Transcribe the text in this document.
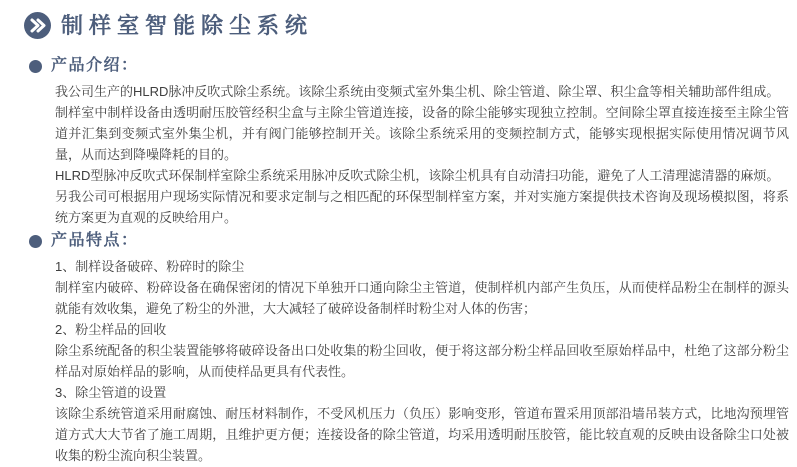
制样室智能除尘系统
产品介绍：

我公司生产的HLRD脉冲反吹式除尘系统。该除尘系统由变频式室外集尘机、除尘管道、除尘罩、积尘盒等相关辅助部件组成。

制样室中制样设备由透明耐压胶管经积尘盒与主除尘管道连接，设备的除尘能够实现独立控制。空间除尘罩直接连接至主除尘管道并汇集到变频式室外集尘机，并有阀门能够控制开关。该除尘系统采用的变频控制方式，能够实现根据实际使用情况调节风量，从而达到降噪降耗的目的。

HLRD型脉冲反吹式环保制样室除尘系统采用脉冲反吹式除尘机，该除尘机具有自动清扫功能，避免了人工清理滤清器的麻烦。

另我公司可根据用户现场实际情况和要求定制与之相匹配的环保型制样室方案，并对实施方案提供技术咨询及现场模拟图，将系统方案更为直观的反映给用户。

产品特点：

1、制样设备破碎、粉碎时的除尘

制样室内破碎、粉碎设备在确保密闭的情况下单独开口通向除尘主管道，使制样机内部产生负压，从而使样品粉尘在制样的源头就能有效收集，避免了粉尘的外泄，大大减轻了破碎设备制样时粉尘对人体的伤害；

2、粉尘样品的回收

除尘系统配备的积尘装置能够将破碎设备出口处收集的粉尘回收，便于将这部分粉尘样品回收至原始样品中，杜绝了这部分粉尘样品对原始样品的影响，从而使样品更具有代表性。

3、除尘管道的设置

该除尘系统管道采用耐腐蚀、耐压材料制作，不受风机压力（负压）影响变形，管道布置采用顶部沿墙吊装方式，比地沟预埋管道方式大大节省了施工周期，且维护更方便；连接设备的除尘管道，均采用透明耐压胶管，能比较直观的反映由设备除尘口处被收集的粉尘流向积尘装置。
